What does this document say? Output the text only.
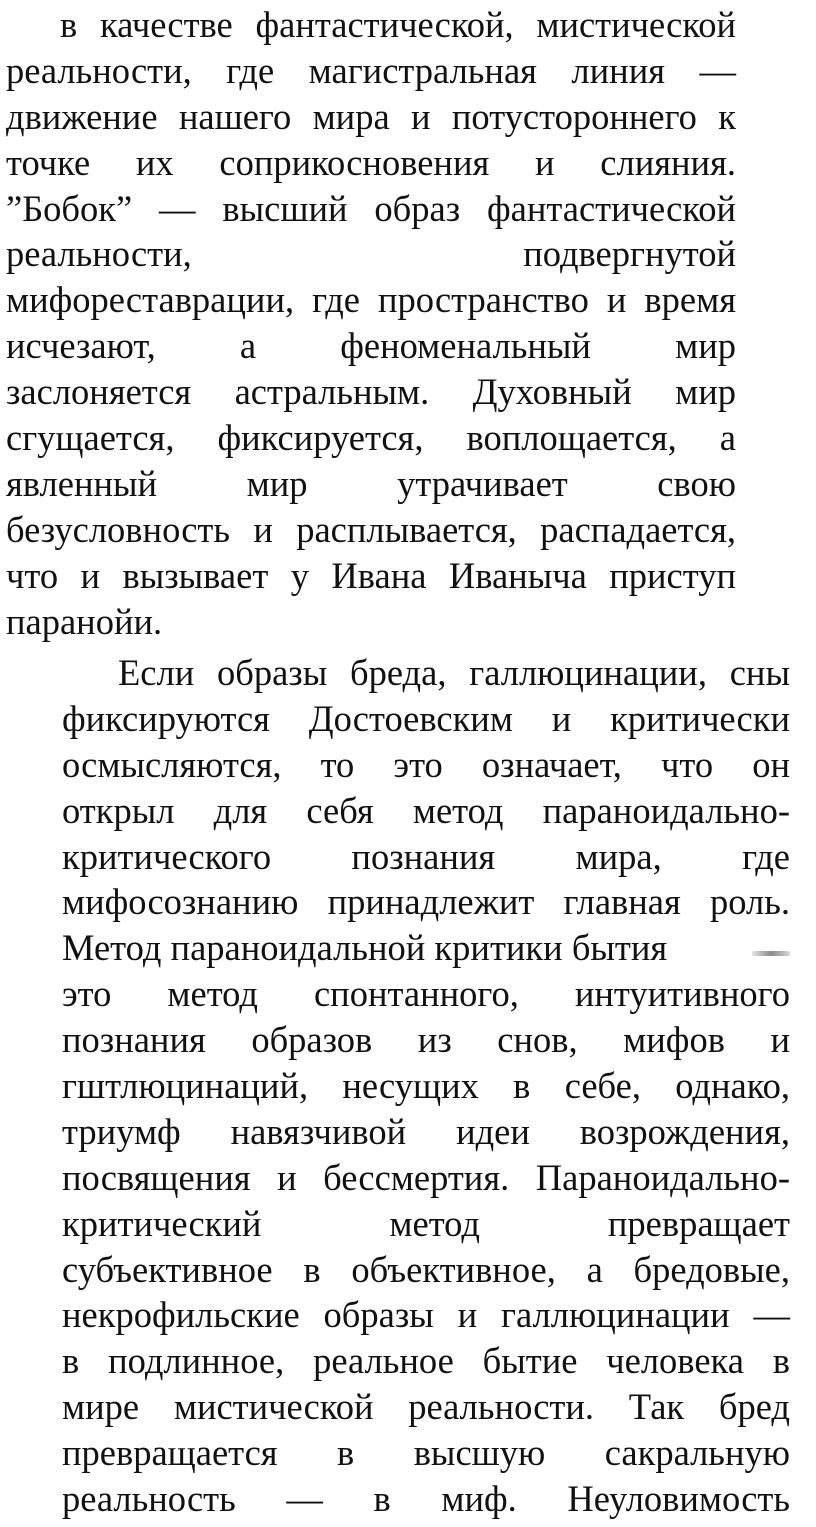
в качестве фантастической, мистической
реальности, где магистральная линия —
движение нашего мира и потустороннего к
точке их соприкосновения и слияния.
”Бобок” — высший образ фантастической
реальности, подвергнутой
мифореставрации, где пространство и время
исчезают, а феноменальный мир
заслоняется астральным. Духовный мир
сгущается, фиксируется, воплощается, а
явленный мир утрачивает свою
безусловность и расплывается, распадается,
что и вызывает у Ивана Иваныча приступ
паранойи.
Если образы бреда, галлюцинации, сны
фиксируются Достоевским и критически
осмысляются, то это означает, что он
открыл для себя метод параноидально-
критического познания мира, где
мифосознанию принадлежит главная роль.
Метод параноидальной критики бытия
это метод спонтанного, интуитивного
познания образов из снов, мифов и
гштлюцинаций, несущих в себе, однако,
триумф навязчивой идеи возрождения,
посвящения и бессмертия. Параноидально-
критический метод превращает
субъективное в объективное, а бредовые,
некрофильские образы и галлюцинации —
в подлинное, реальное бытие человека в
мире мистической реальности. Так бред
превращается в высшую сакральную
реальность — в миф. Неуловимость
